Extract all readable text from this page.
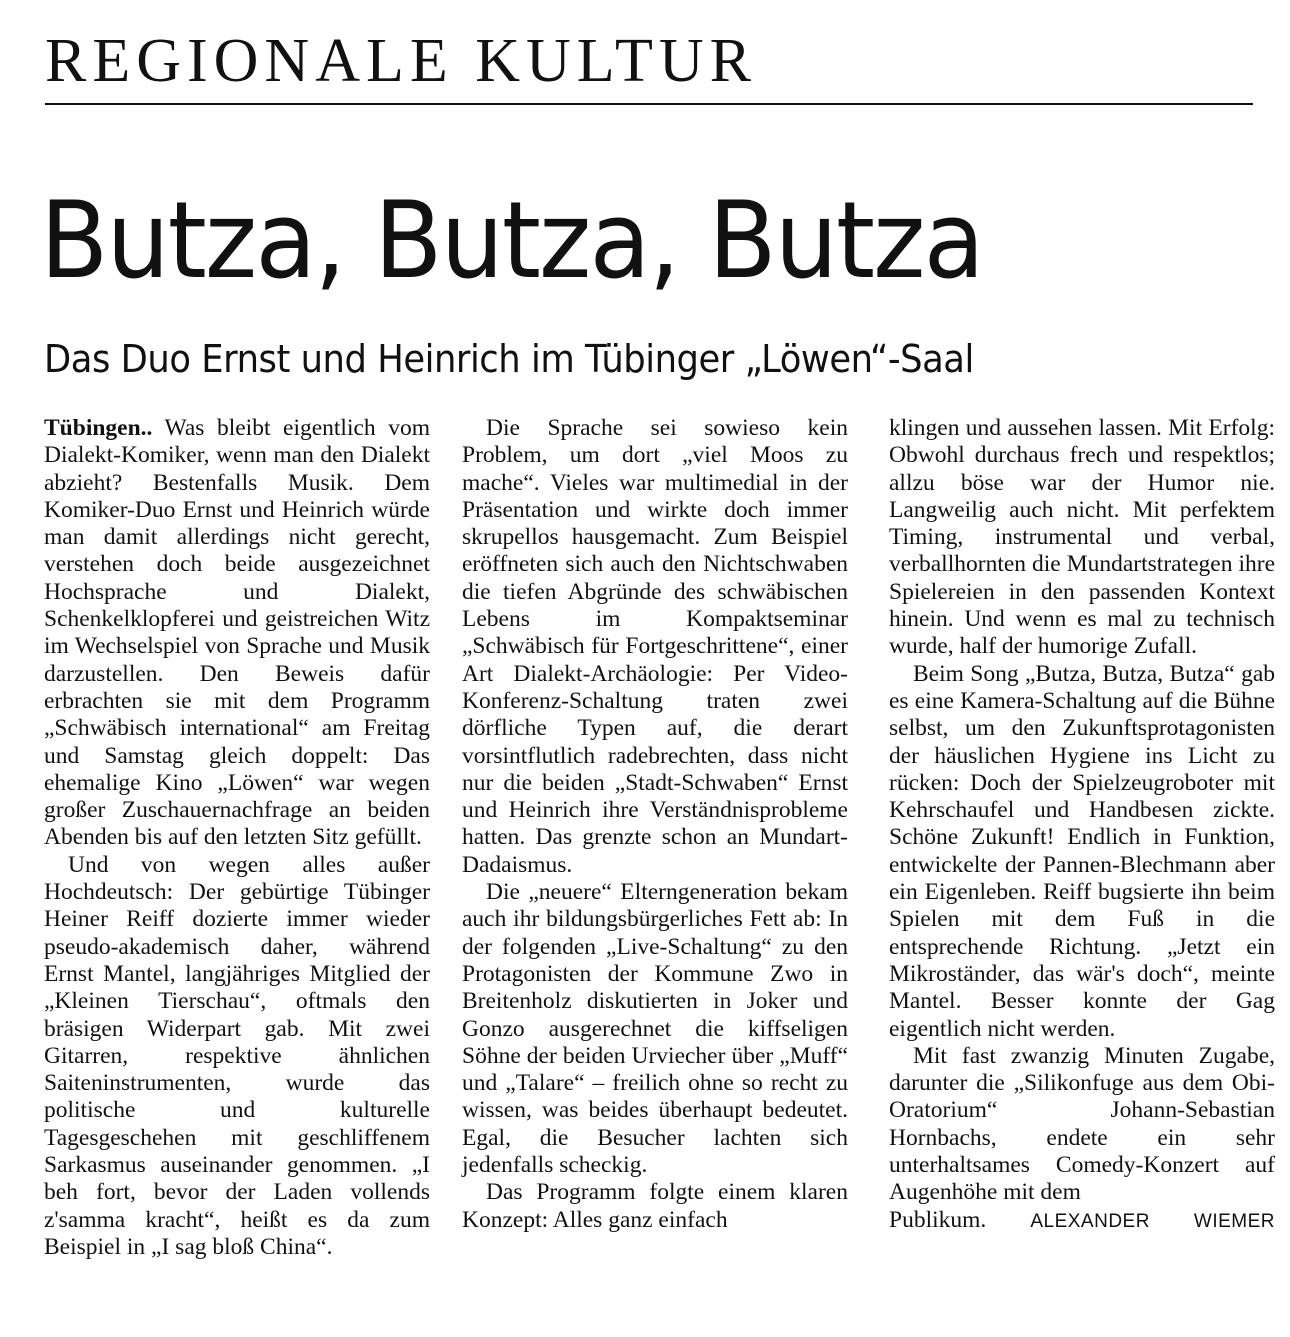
REGIONALE KULTUR
Butza, Butza, Butza
Das Duo Ernst und Heinrich im Tübinger „Löwen“-Saal

Tübingen.. Was bleibt eigentlich vom Dialekt-Komiker, wenn man den Dialekt abzieht? Bestenfalls Musik. Dem Komiker-Duo Ernst und Heinrich würde man damit allerdings nicht gerecht, verstehen doch beide ausgezeichnet Hochsprache und Dialekt, Schenkelklopferei und geistreichen Witz im Wechselspiel von Sprache und Musik darzustellen. Den Beweis dafür erbrachten sie mit dem Programm „Schwäbisch international“ am Freitag und Samstag gleich doppelt: Das ehemalige Kino „Löwen“ war wegen großer Zuschauernachfrage an beiden Abenden bis auf den letzten Sitz gefüllt.

Und von wegen alles außer Hochdeutsch: Der gebürtige Tübinger Heiner Reiff dozierte immer wieder pseudo-akademisch daher, während Ernst Mantel, langjähriges Mitglied der „Kleinen Tierschau“, oftmals den bräsigen Widerpart gab. Mit zwei Gitarren, respektive ähnlichen Saiteninstrumenten, wurde das politische und kulturelle Tagesgeschehen mit geschliffenem Sarkasmus auseinander genommen. „I beh fort, bevor der Laden vollends z'samma kracht“, heißt es da zum Beispiel in „I sag bloß China“.

Die Sprache sei sowieso kein Problem, um dort „viel Moos zu mache“. Vieles war multimedial in der Präsentation und wirkte doch immer skrupellos hausgemacht. Zum Beispiel eröffneten sich auch den Nichtschwaben die tiefen Abgründe des schwäbischen Lebens im Kompaktseminar „Schwäbisch für Fortgeschrittene“, einer Art Dialekt-Archäologie: Per Video-Konferenz-Schaltung traten zwei dörfliche Typen auf, die derart vorsintflutlich radebrechten, dass nicht nur die beiden „Stadt-Schwaben“ Ernst und Heinrich ihre Verständnisprobleme hatten. Das grenzte schon an Mundart-Dadaismus.

Die „neuere“ Elterngeneration bekam auch ihr bildungsbürgerliches Fett ab: In der folgenden „Live-Schaltung“ zu den Protagonisten der Kommune Zwo in Breitenholz diskutierten in Joker und Gonzo ausgerechnet die kiffseligen Söhne der beiden Urviecher über „Muff“ und „Talare“ – freilich ohne so recht zu wissen, was beides überhaupt bedeutet. Egal, die Besucher lachten sich jedenfalls scheckig.

Das Programm folgte einem klaren Konzept: Alles ganz einfach

klingen und aussehen lassen. Mit Erfolg: Obwohl durchaus frech und respektlos; allzu böse war der Humor nie. Langweilig auch nicht. Mit perfektem Timing, instrumental und verbal, verballhornten die Mundartstrategen ihre Spielereien in den passenden Kontext hinein. Und wenn es mal zu technisch wurde, half der humorige Zufall.

Beim Song „Butza, Butza, Butza“ gab es eine Kamera-Schaltung auf die Bühne selbst, um den Zukunftsprotagonisten der häuslichen Hygiene ins Licht zu rücken: Doch der Spielzeugroboter mit Kehrschaufel und Handbesen zickte. Schöne Zukunft! Endlich in Funktion, entwickelte der Pannen-Blechmann aber ein Eigenleben. Reiff bugsierte ihn beim Spielen mit dem Fuß in die entsprechende Richtung. „Jetzt ein Mikroständer, das wär's doch“, meinte Mantel. Besser konnte der Gag eigentlich nicht werden.

Mit fast zwanzig Minuten Zugabe, darunter die „Silikonfuge aus dem Obi-Oratorium“ Johann-Sebastian Hornbachs, endete ein sehr unterhaltsames Comedy-Konzert auf Augenhöhe mit dem

Publikum. ALEXANDER WIEMER
